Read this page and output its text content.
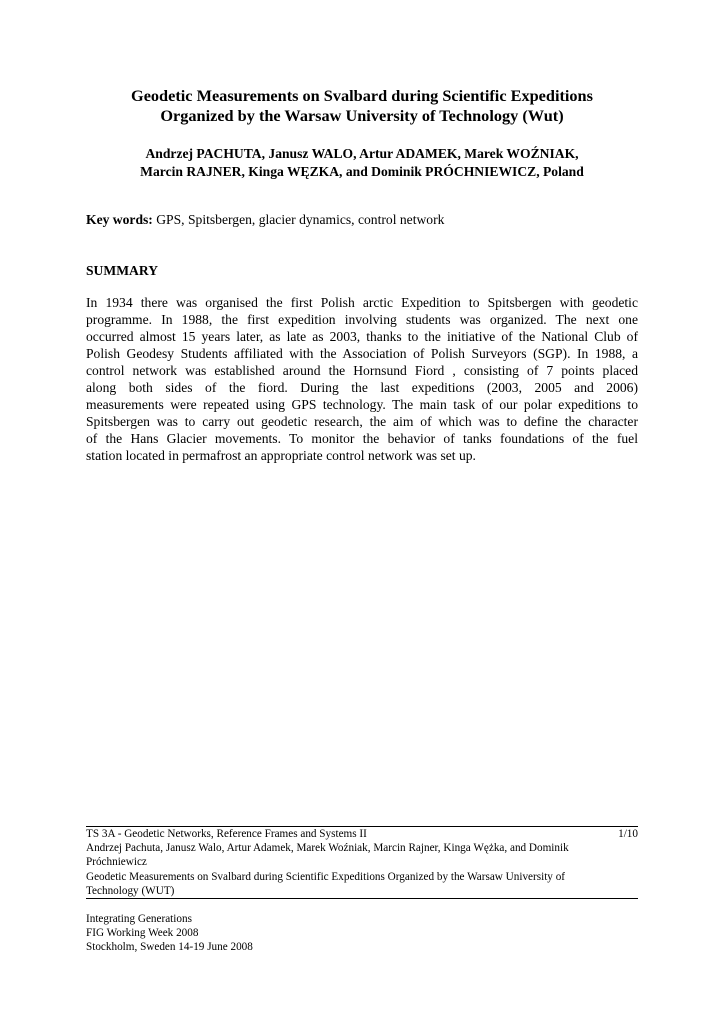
Geodetic Measurements on Svalbard during Scientific Expeditions
Organized by the Warsaw University of Technology (Wut)
Andrzej PACHUTA, Janusz WALO, Artur ADAMEK, Marek WOŹNIAK,
Marcin RAJNER, Kinga WĘZKA, and Dominik PRÓCHNIEWICZ, Poland
Key words: GPS, Spitsbergen, glacier dynamics, control network
SUMMARY
In 1934 there was organised the first Polish arctic Expedition to Spitsbergen with geodetic
programme. In 1988, the first expedition involving students was organized. The next one
occurred almost 15 years later, as late as 2003, thanks to the initiative of the National Club of
Polish Geodesy Students affiliated with the Association of Polish Surveyors (SGP). In 1988, a
control network was established around the Hornsund Fiord , consisting of 7 points placed
along both sides of the fiord. During the last expeditions (2003, 2005 and 2006)
measurements were repeated using GPS technology. The main task of our polar expeditions to
Spitsbergen was to carry out geodetic research, the aim of which was to define the character
of the Hans Glacier movements. To monitor the behavior of tanks foundations of the fuel
station located in permafrost an appropriate control network was set up.
TS 3A - Geodetic Networks, Reference Frames and Systems II	1/10
Andrzej Pachuta, Janusz Walo, Artur Adamek, Marek Woźniak, Marcin Rajner, Kinga Wężka, and Dominik
Próchniewicz
Geodetic Measurements on Svalbard during Scientific Expeditions Organized by the Warsaw University of
Technology (WUT)
Integrating Generations
FIG Working Week 2008
Stockholm, Sweden 14-19 June 2008
